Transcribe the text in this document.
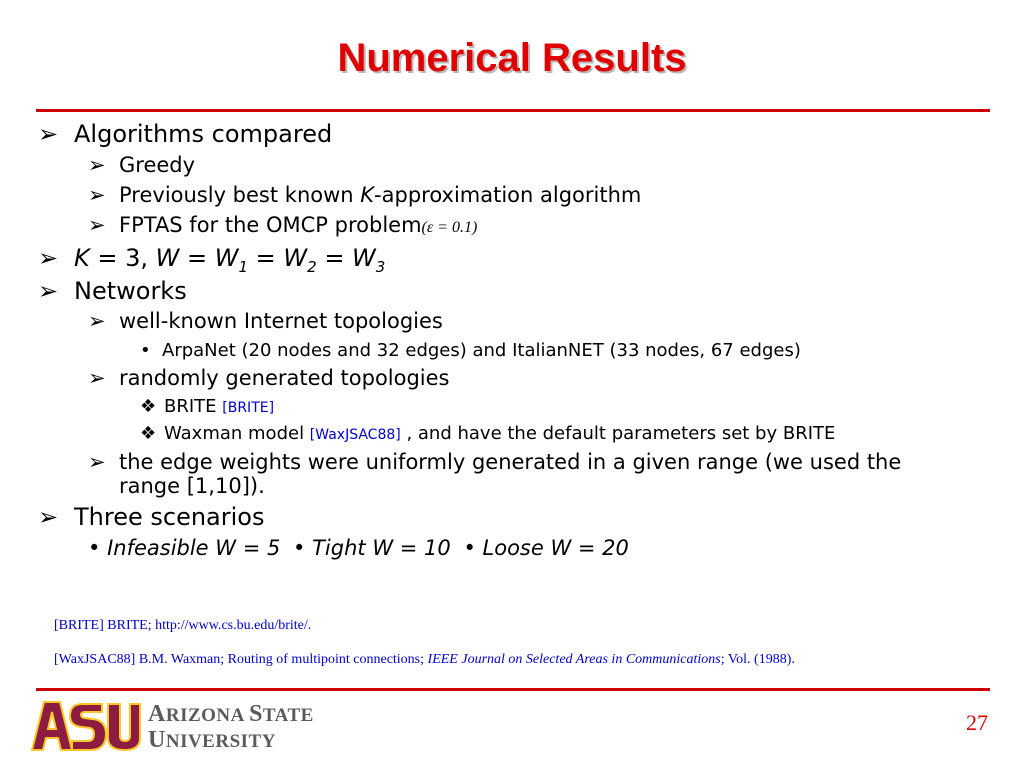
Numerical Results
➢ Algorithms compared
➢ Greedy
➢ Previously best known K-approximation algorithm
➢ FPTAS for the OMCP problem(ε = 0.1)
➢ K = 3, $W = W_1 = W_2 = W_3$
➢ Networks
➢ well-known Internet topologies
• ArpaNet (20 nodes and 32 edges) and ItalianNET (33 nodes, 67 edges)
➢ randomly generated topologies
❖ BRITE [BRITE]
❖ Waxman model [WaxJSAC88] , and have the default parameters set by BRITE
➢ the edge weights were uniformly generated in a given range (we used the
range [1,10]).
➢ Three scenarios
• Infeasible W = 5 • Tight W = 10 • Loose W = 20
[BRITE] BRITE; http://www.cs.bu.edu/brite/.
[WaxJSAC88] B.M. Waxman; Routing of multipoint connections; IEEE Journal on Selected Areas in Communications; Vol. (1988).
ARIZONA STATE
UNIVERSITY
27
